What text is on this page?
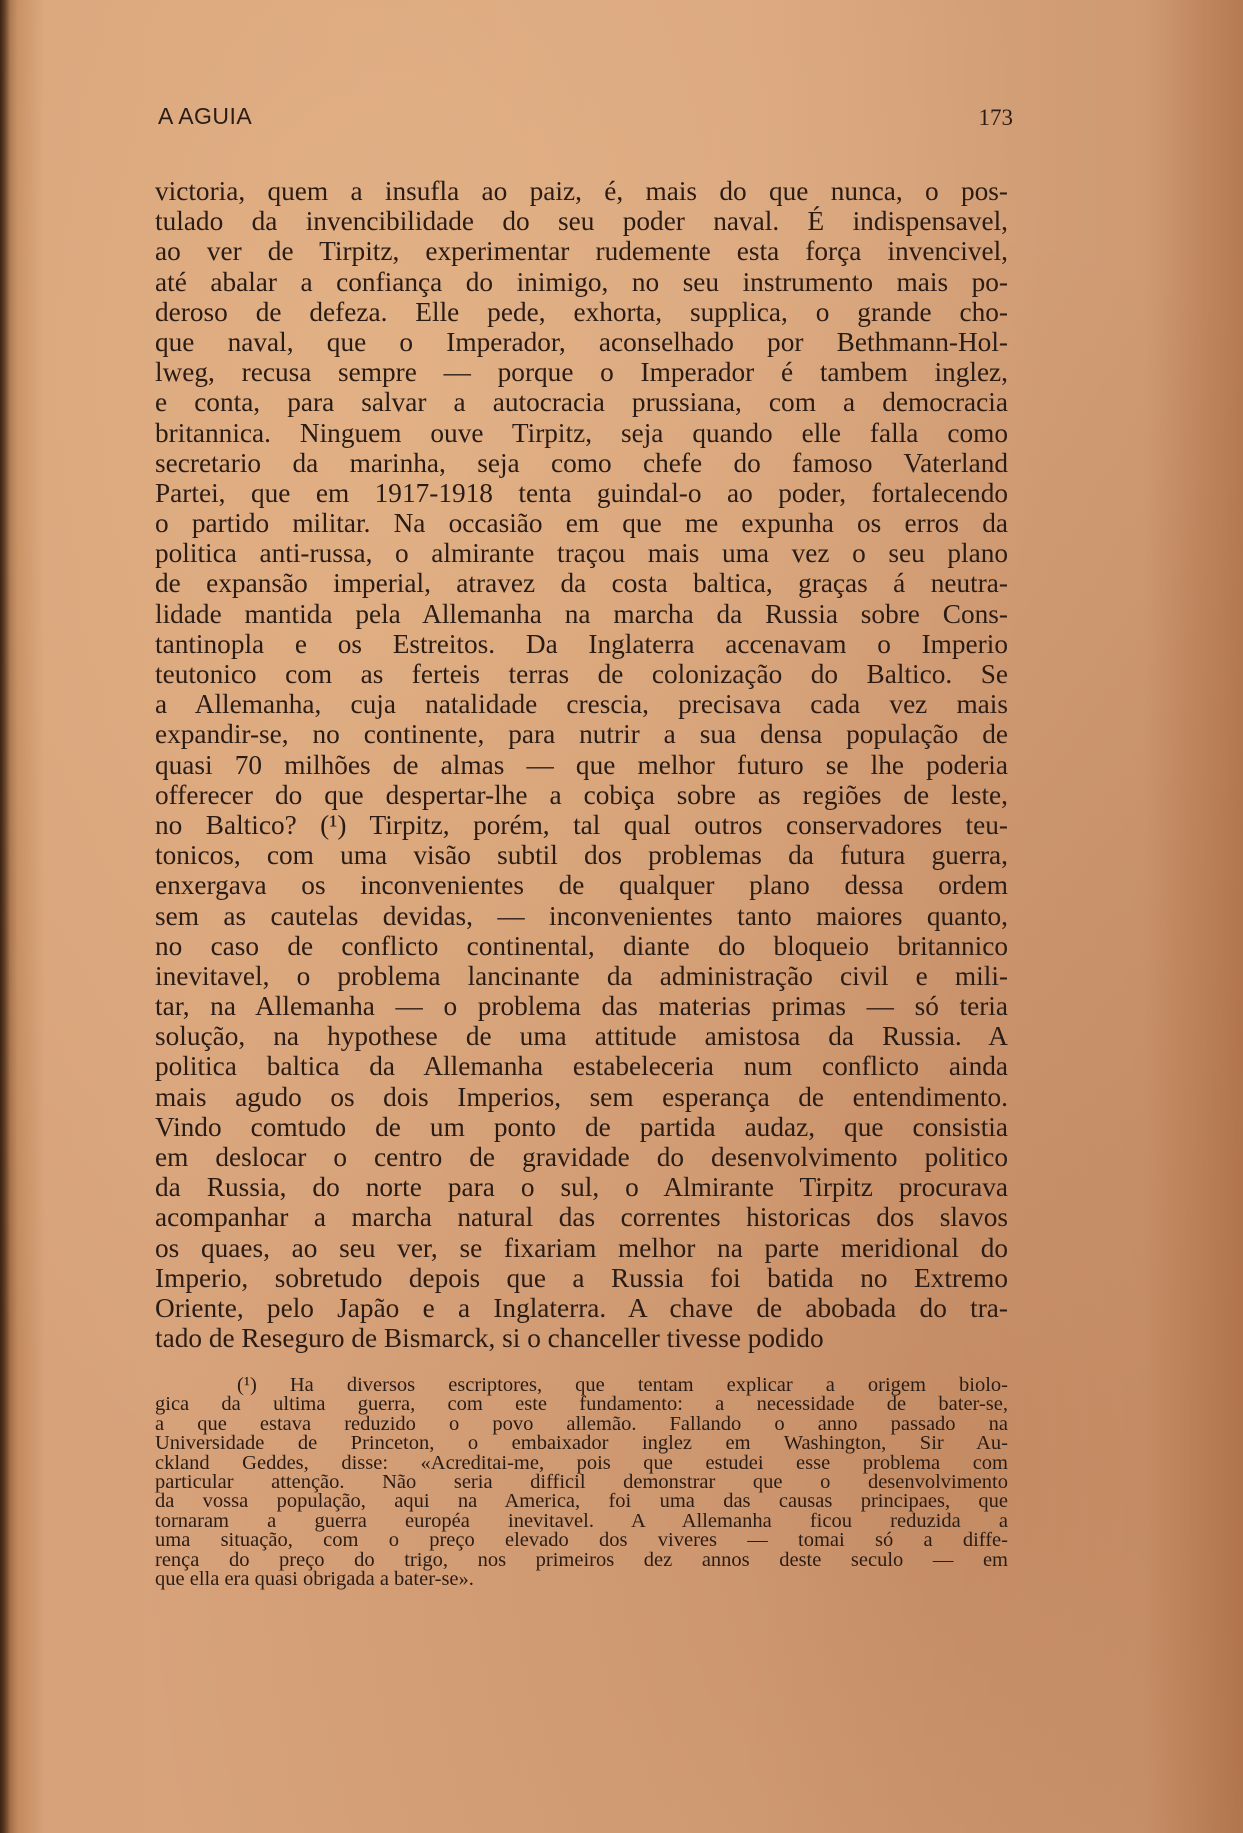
A AGUIA	173
victoria, quem a insufla ao paiz, é, mais do que nunca, o pos-
tulado da invencibilidade do seu poder naval. É indispensavel,
ao ver de Tirpitz, experimentar rudemente esta força invencivel,
até abalar a confiança do inimigo, no seu instrumento mais po-
deroso de defeza. Elle pede, exhorta, supplica, o grande cho-
que naval, que o Imperador, aconselhado por Bethmann-Hol-
lweg, recusa sempre — porque o Imperador é tambem inglez,
e conta, para salvar a autocracia prussiana, com a democracia
britannica. Ninguem ouve Tirpitz, seja quando elle falla como
secretario da marinha, seja como chefe do famoso Vaterland
Partei, que em 1917-1918 tenta guindal-o ao poder, fortalecendo
o partido militar. Na occasião em que me expunha os erros da
politica anti-russa, o almirante traçou mais uma vez o seu plano
de expansão imperial, atravez da costa baltica, graças á neutra-
lidade mantida pela Allemanha na marcha da Russia sobre Cons-
tantinopla e os Estreitos. Da Inglaterra accenavam o Imperio
teutonico com as ferteis terras de colonização do Baltico. Se
a Allemanha, cuja natalidade crescia, precisava cada vez mais
expandir-se, no continente, para nutrir a sua densa população de
quasi 70 milhões de almas — que melhor futuro se lhe poderia
offerecer do que despertar-lhe a cobiça sobre as regiões de leste,
no Baltico? (¹) Tirpitz, porém, tal qual outros conservadores teu-
tonicos, com uma visão subtil dos problemas da futura guerra,
enxergava os inconvenientes de qualquer plano dessa ordem
sem as cautelas devidas, — inconvenientes tanto maiores quanto,
no caso de conflicto continental, diante do bloqueio britannico
inevitavel, o problema lancinante da administração civil e mili-
tar, na Allemanha — o problema das materias primas — só teria
solução, na hypothese de uma attitude amistosa da Russia. A
politica baltica da Allemanha estabeleceria num conflicto ainda
mais agudo os dois Imperios, sem esperança de entendimento.
Vindo comtudo de um ponto de partida audaz, que consistia
em deslocar o centro de gravidade do desenvolvimento politico
da Russia, do norte para o sul, o Almirante Tirpitz procurava
acompanhar a marcha natural das correntes historicas dos slavos
os quaes, ao seu ver, se fixariam melhor na parte meridional do
Imperio, sobretudo depois que a Russia foi batida no Extremo
Oriente, pelo Japão e a Inglaterra. A chave de abobada do tra-
tado de Reseguro de Bismarck, si o chanceller tivesse podido
(¹) Ha diversos escriptores, que tentam explicar a origem biolo-
gica da ultima guerra, com este fundamento: a necessidade de bater-se,
a que estava reduzido o povo allemão. Fallando o anno passado na
Universidade de Princeton, o embaixador inglez em Washington, Sir Au-
ckland Geddes, disse: «Acreditai-me, pois que estudei esse problema com
particular attenção. Não seria difficil demonstrar que o desenvolvimento
da vossa população, aqui na America, foi uma das causas principaes, que
tornaram a guerra européa inevitavel. A Allemanha ficou reduzida a
uma situação, com o preço elevado dos viveres — tomai só a diffe-
rença do preço do trigo, nos primeiros dez annos deste seculo — em
que ella era quasi obrigada a bater-se».
